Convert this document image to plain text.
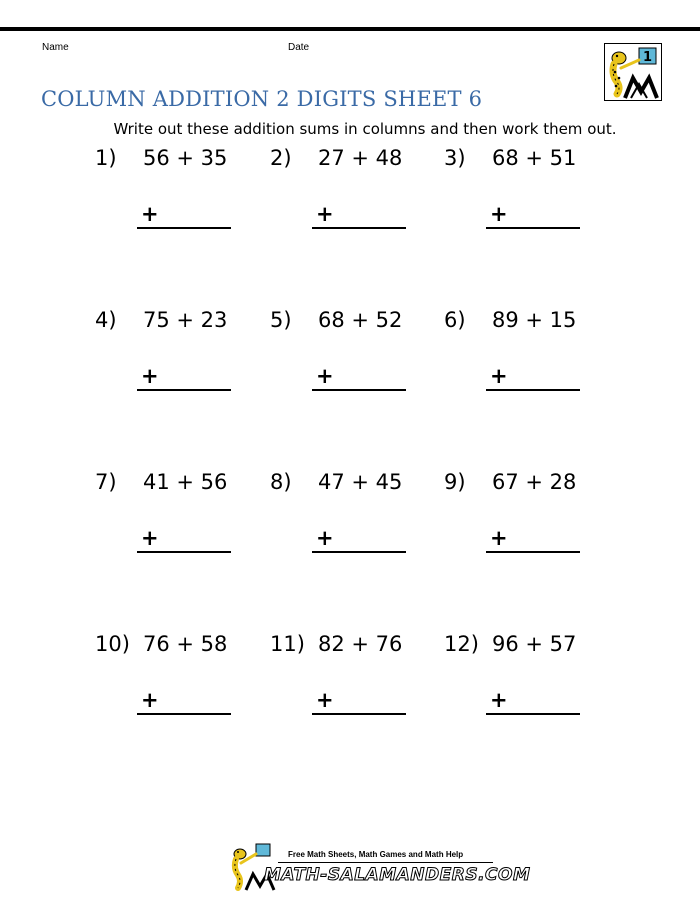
Name	Date
1
COLUMN ADDITION 2 DIGITS SHEET 6
Write out these addition sums in columns and then work them out.
1) 56 + 35
+
2) 27 + 48
+
3) 68 + 51
+
4) 75 + 23
+
5) 68 + 52
+
6) 89 + 15
+
7) 41 + 56
+
8) 47 + 45
+
9) 67 + 28
+
10) 76 + 58
+
11) 82 + 76
+
12) 96 + 57
+
Free Math Sheets, Math Games and Math Help
MATH-SALAMANDERS.COM
